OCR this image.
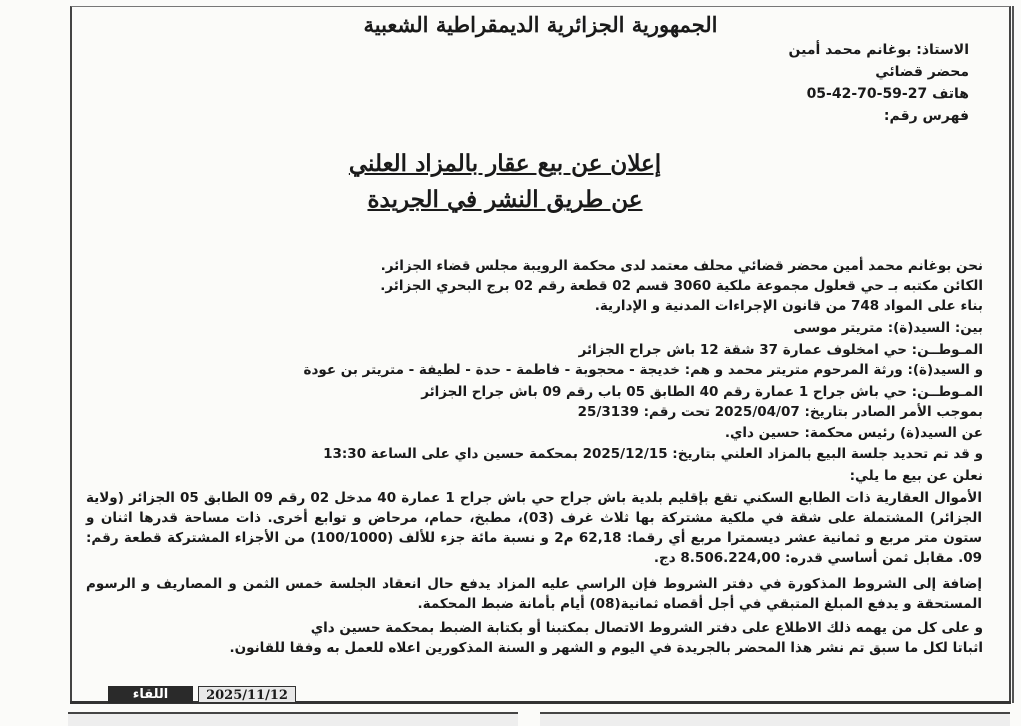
الجمهورية الجزائرية الديمقراطية الشعبية
الاستاذ: بوغانم محمد أمين
محضر قضائي
هاتف 05-42-70-59-27
فهرس رقم:
إعلان عن بيع عقار بالمزاد العلني
عن طريق النشر في الجريدة
نحن بوغانم محمد أمين محضر قضائي محلف معتمد لدى محكمة الرويبة مجلس قضاء الجزائر.
الكائن مكتبه بـ حي قعلول مجموعة ملكية 3060 قسم 02 قطعة رقم 02 برج البحري الجزائر.
بناء على المواد 748 من قانون الإجراءات المدنية و الإدارية.
بين: السيد(ة): متريتر موسى
المـوطــن: حي امخلوف عمارة 37 شقة 12 باش جراح الجزائر
و السيد(ة): ورثة المرحوم متريتر محمد و هم: خديجة - محجوبة - فاطمة - حدة - لطيفة - متريتر بن عودة
المـوطــن: حي باش جراح 1 عمارة رقم 40 الطابق 05 باب رقم 09 باش جراح الجزائر
بموجب الأمر الصادر بتاريخ: 2025/04/07 تحت رقم: 25/3139
عن السيد(ة) رئيس محكمة: حسين داي.
و قد تم تحديد جلسة البيع بالمزاد العلني بتاريخ: 2025/12/15 بمحكمة حسين داي على الساعة 13:30
نعلن عن بيع ما يلي:
الأموال العقارية ذات الطابع السكني تقع بإقليم بلدية باش جراح حي باش جراح 1 عمارة 40 مدخل 02 رقم 09 الطابق 05 الجزائر (ولاية الجزائر) المشتملة على شقة في ملكية مشتركة بها ثلاث غرف (03)، مطبخ، حمام، مرحاض و توابع أخرى. ذات مساحة قدرها اثنان و ستون متر مربع و ثمانية عشر ديسمترا مربع أي رقما: 62,18 م2 و نسبة مائة جزء للألف (100/1000) من الأجزاء المشتركة قطعة رقم: 09. مقابل ثمن أساسي قدره: 8.506.224,00 دج.
إضافة إلى الشروط المذكورة في دفتر الشروط فإن الراسي عليه المزاد يدفع حال انعقاد الجلسة خمس الثمن و المصاريف و الرسوم المستحقة و يدفع المبلغ المتبقي في أجل أقصاه ثمانية(08) أيام بأمانة ضبط المحكمة.
و على كل من يهمه ذلك الاطلاع على دفتر الشروط الاتصال بمكتبنا أو بكتابة الضبط بمحكمة حسين داي
اثباتا لكل ما سبق تم نشر هذا المحضر بالجريدة في اليوم و الشهر و السنة المذكورين اعلاه للعمل به وفقا للقانون.
اللقاء	2025/11/12
